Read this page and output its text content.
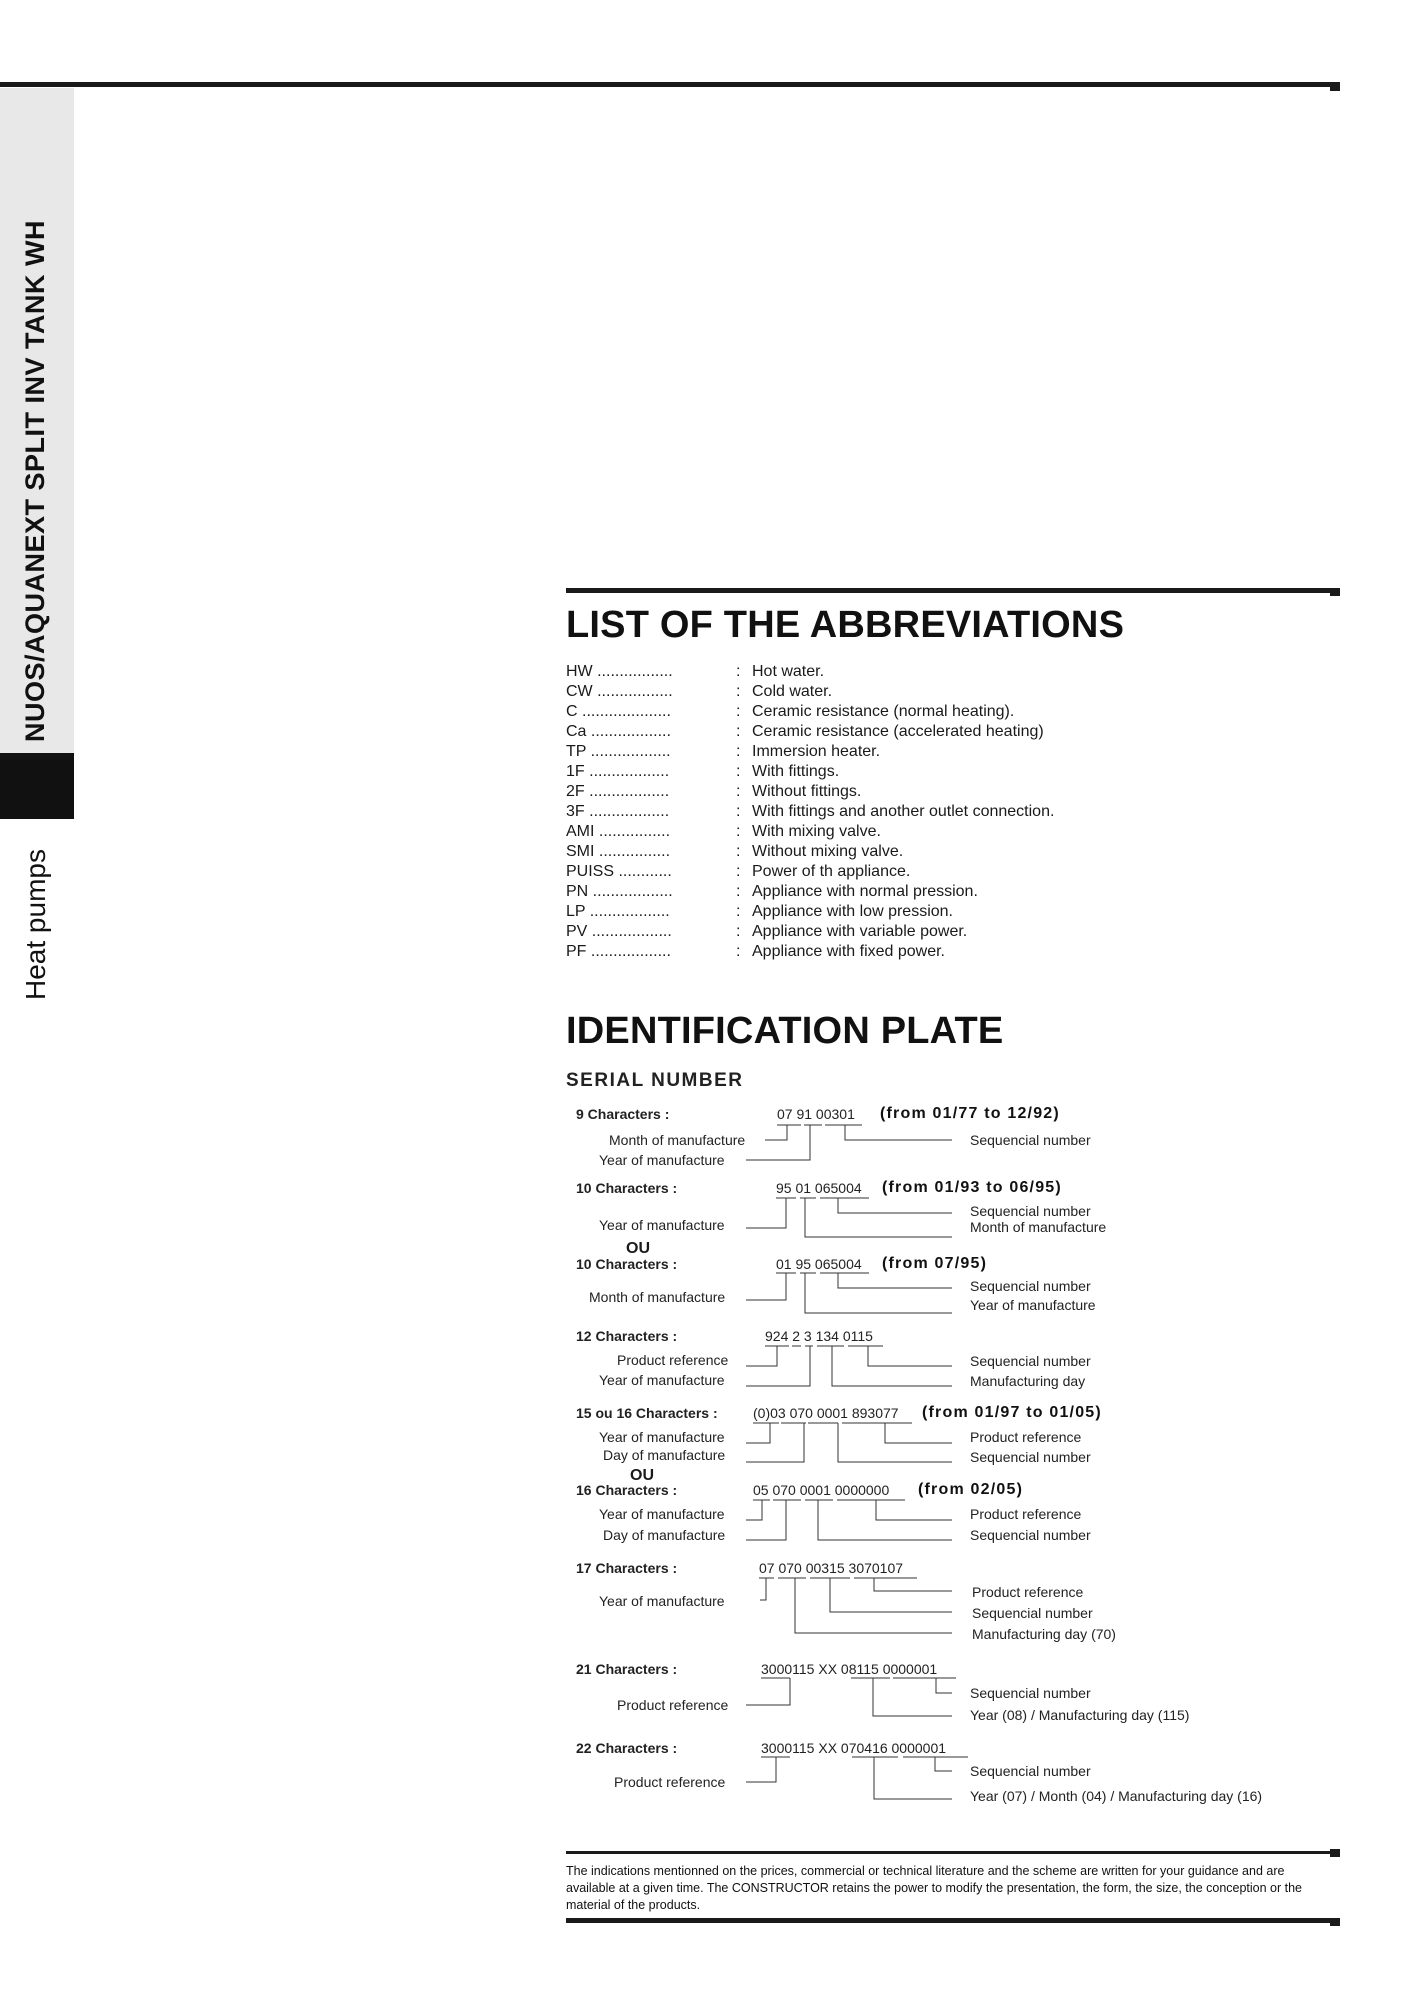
NUOS/AQUANEXT SPLIT INV TANK WH
Heat pumps
LIST OF THE ABBREVIATIONS
HW .................	: Hot water.
CW .................	: Cold water.
C ....................	: Ceramic resistance (normal heating).
Ca ..................	: Ceramic resistance (accelerated heating)
TP ..................	: Immersion heater.
1F ..................	: With fittings.
2F ..................	: Without fittings.
3F ..................	: With fittings and another outlet connection.
AMI ................	: With mixing valve.
SMI ................	: Without mixing valve.
PUISS ............	: Power of th appliance.
PN ..................	: Appliance with normal pression.
LP ..................	: Appliance with low pression.
PV ..................	: Appliance with variable power.
PF ..................	: Appliance with fixed power.
IDENTIFICATION PLATE
SERIAL NUMBER
9 Characters :	07 91 00301 (from 01/77 to 12/92)
Month of manufacture
Year of manufacture
Sequencial number
10 Characters :	95 01 065004 (from 01/93 to 06/95)
Year of manufacture
Sequencial number
Month of manufacture
OU
10 Characters :	01 95 065004 (from 07/95)
Month of manufacture
Sequencial number
Year of manufacture
12 Characters :	924 2 3 134 0115
Product reference
Year of manufacture
Sequencial number
Manufacturing day
15 ou 16 Characters :	(0)03 070 0001 893077 (from 01/97 to 01/05)
Year of manufacture
Day of manufacture
Product reference
Sequencial number
OU
16 Characters :	05 070 0001 0000000 (from 02/05)
Year of manufacture
Day of manufacture
Product reference
Sequencial number
17 Characters :	07 070 00315 3070107
Year of manufacture
Product reference
Sequencial number
Manufacturing day (70)
21 Characters :	3000115 XX 08115 0000001
Product reference
Sequencial number
Year (08) / Manufacturing day (115)
22 Characters :	3000115 XX 070416 0000001
Product reference
Sequencial number
Year (07) / Month (04) / Manufacturing day (16)
The indications mentionned on the prices, commercial or technical literature and the scheme are written for your guidance and are available at a given time. The CONSTRUCTOR retains the power to modify the presentation, the form, the size, the conception or the material of the products.
